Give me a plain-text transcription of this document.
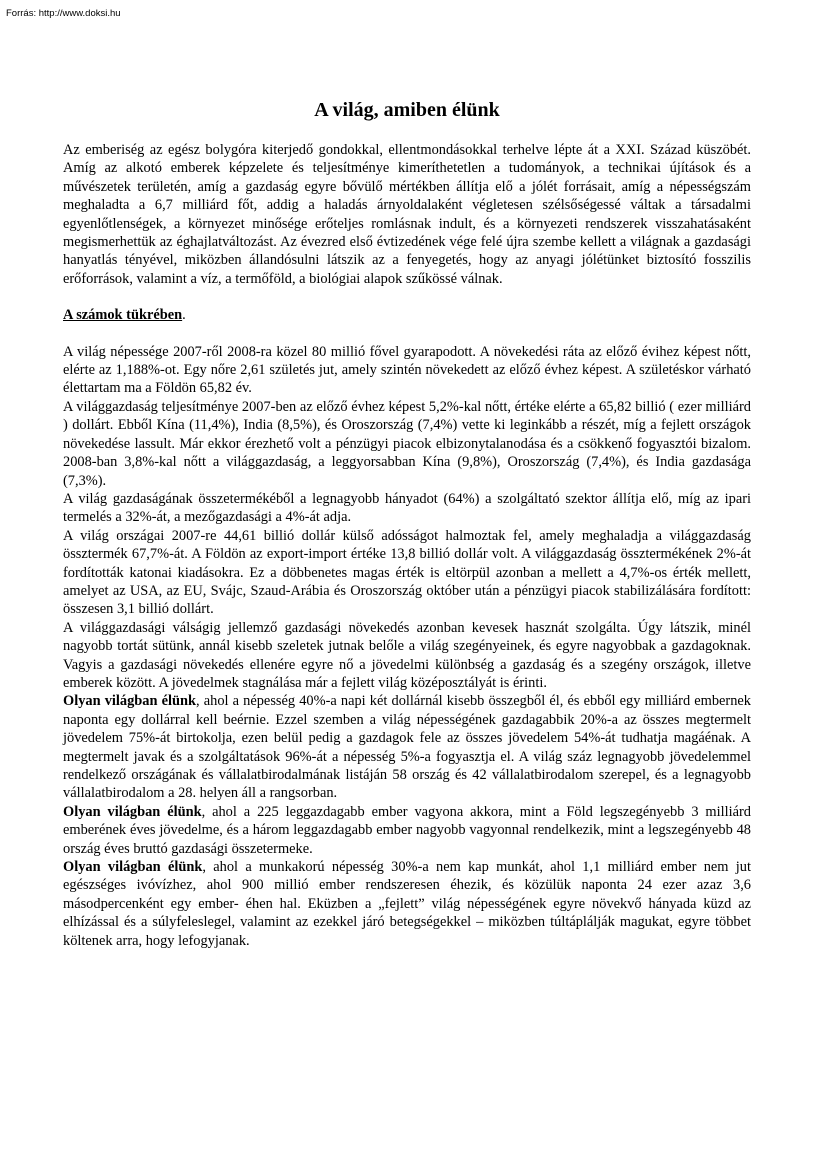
Forrás: http://www.doksi.hu
A világ, amiben élünk

Az emberiség az egész bolygóra kiterjedő gondokkal, ellentmondásokkal terhelve lépte át a XXI. Század küszöbét. Amíg az alkotó emberek képzelete és teljesítménye kimeríthetetlen a tudományok, a technikai újítások és a művészetek területén, amíg a gazdaság egyre bővülő mértékben állítja elő a jólét forrásait, amíg a népességszám meghaladta a 6,7 milliárd főt, addig a haladás árnyoldalaként végletesen szélsőségessé váltak a társadalmi egyenlőtlenségek, a környezet minősége erőteljes romlásnak indult, és a környezeti rendszerek visszahatásaként megismerhettük az éghajlatváltozást. Az évezred első évtizedének vége felé újra szembe kellett a világnak a gazdasági hanyatlás tényével, miközben állandósulni látszik az a fenyegetés, hogy az anyagi jólétünket biztosító fosszilis erőforrások, valamint a víz, a termőföld, a biológiai alapok szűkössé válnak.

A számok tükrében.

A világ népessége 2007-ről 2008-ra közel 80 millió fővel gyarapodott. A növekedési ráta az előző évihez képest nőtt, elérte az 1,188%-ot. Egy nőre 2,61 születés jut, amely szintén növekedett az előző évhez képest. A születéskor várható élettartam ma a Földön 65,82 év.

A világgazdaság teljesítménye 2007-ben az előző évhez képest 5,2%-kal nőtt, értéke elérte a 65,82 billió ( ezer milliárd ) dollárt. Ebből Kína (11,4%), India (8,5%), és Oroszország (7,4%) vette ki leginkább a részét, míg a fejlett országok növekedése lassult. Már ekkor érezhető volt a pénzügyi piacok elbizonytalanodása és a csökkenő fogyasztói bizalom. 2008-ban 3,8%-kal nőtt a világgazdaság, a leggyorsabban Kína (9,8%), Oroszország (7,4%), és India gazdasága (7,3%).

A világ gazdaságának összetermékéből a legnagyobb hányadot (64%) a szolgáltató szektor állítja elő, míg az ipari termelés a 32%-át, a mezőgazdasági a 4%-át adja.

A világ országai 2007-re 44,61 billió dollár külső adósságot halmoztak fel, amely meghaladja a világgazdaság össztermék 67,7%-át. A Földön az export-import értéke 13,8 billió dollár volt. A világgazdaság össztermékének 2%-át fordították katonai kiadásokra. Ez a döbbenetes magas érték is eltörpül azonban a mellett a 4,7%-os érték mellett, amelyet az USA, az EU, Svájc, Szaud-Arábia és Oroszország október után a pénzügyi piacok stabilizálására fordított: összesen 3,1 billió dollárt.

A világgazdasági válságig jellemző gazdasági növekedés azonban kevesek hasznát szolgálta. Úgy látszik, minél nagyobb tortát sütünk, annál kisebb szeletek jutnak belőle a világ szegényeinek, és egyre nagyobbak a gazdagoknak. Vagyis a gazdasági növekedés ellenére egyre nő a jövedelmi különbség a gazdaság és a szegény országok, illetve emberek között. A jövedelmek stagnálása már a fejlett világ középosztályát is érinti.

Olyan világban élünk, ahol a népesség 40%-a napi két dollárnál kisebb összegből él, és ebből egy milliárd embernek naponta egy dollárral kell beérnie. Ezzel szemben a világ népességének gazdagabbik 20%-a az összes megtermelt jövedelem 75%-át birtokolja, ezen belül pedig a gazdagok fele az összes jövedelem 54%-át tudhatja magáénak. A megtermelt javak és a szolgáltatások 96%-át a népesség 5%-a fogyasztja el. A világ száz legnagyobb jövedelemmel rendelkező országának és vállalatbirodalmának listáján 58 ország és 42 vállalatbirodalom szerepel, és a legnagyobb vállalatbirodalom a 28. helyen áll a rangsorban.

Olyan világban élünk, ahol a 225 leggazdagabb ember vagyona akkora, mint a Föld legszegényebb 3 milliárd emberének éves jövedelme, és a három leggazdagabb ember nagyobb vagyonnal rendelkezik, mint a legszegényebb 48 ország éves bruttó gazdasági összetermeke.

Olyan világban élünk, ahol a munkakorú népesség 30%-a nem kap munkát, ahol 1,1 milliárd ember nem jut egészséges ivóvízhez, ahol 900 millió ember rendszeresen éhezik, és közülük naponta 24 ezer azaz 3,6 másodpercenként egy ember- éhen hal. Eküzben a „fejlett” világ népességének egyre növekvő hányada küzd az elhízással és a súlyfeleslegel, valamint az ezekkel járó betegségekkel – miközben túltáplálják magukat, egyre többet költenek arra, hogy lefogyjanak.
